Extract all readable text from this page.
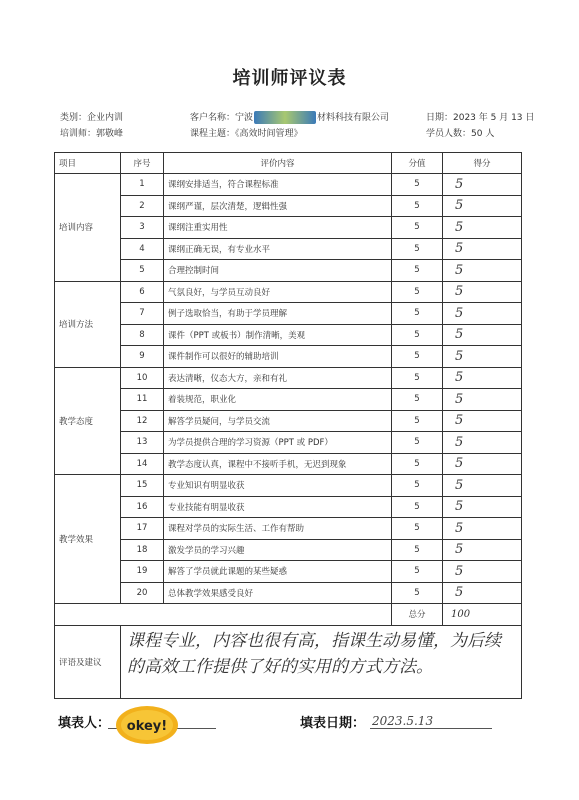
培训师评议表
类别：企业内训	客户名称：宁波	材料科技有限公司	日期：2023 年 5 月 13 日
培训师：郭敬峰	课程主题：《高效时间管理》	学员人数：50 人
项目	序号	评价内容	分值	得分
培训内容	1	课纲安排适当，符合课程标准	5	5
	2	课纲严谨，层次清楚，逻辑性强	5	5
	3	课纲注重实用性	5	5
	4	课纲正确无误，有专业水平	5	5
	5	合理控制时间	5	5
培训方法	6	气氛良好，与学员互动良好	5	5
	7	例子选取恰当，有助于学员理解	5	5
	8	课件（PPT 或板书）制作清晰，美观	5	5
	9	课件制作可以很好的辅助培训	5	5
教学态度	10	表达清晰，仪态大方，亲和有礼	5	5
	11	着装规范，职业化	5	5
	12	解答学员疑问，与学员交流	5	5
	13	为学员提供合理的学习资源（PPT 或 PDF）	5	5
	14	教学态度认真，课程中不接听手机，无迟到现象	5	5
教学效果	15	专业知识有明显收获	5	5
	16	专业技能有明显收获	5	5
	17	课程对学员的实际生活、工作有帮助	5	5
	18	激发学员的学习兴趣	5	5
	19	解答了学员就此课题的某些疑惑	5	5
	20	总体教学效果感受良好	5	5
			总分	100
评语及建议	课程专业，内容也很有高，指课生动易懂，为后续的高效工作提供了好的实用的方式方法。			
填表人： okey!	填表日期： 2023.5.13
